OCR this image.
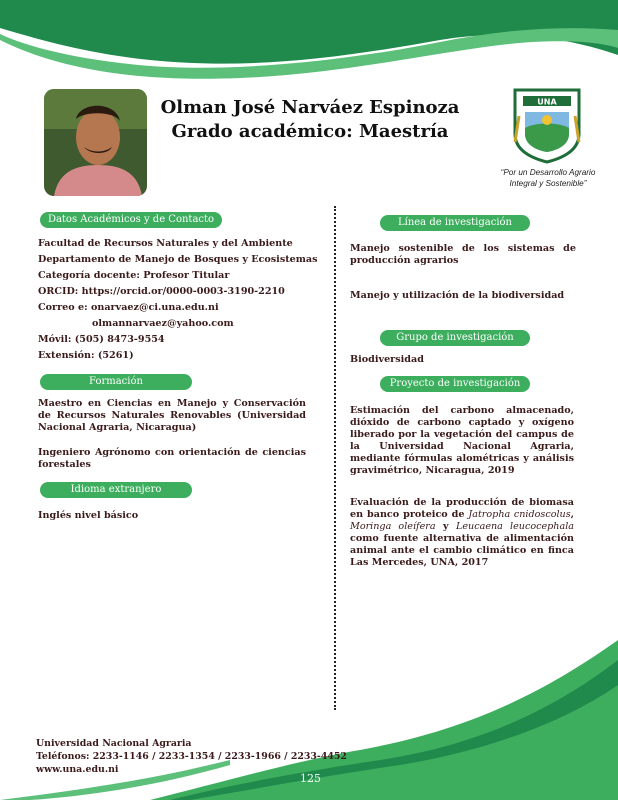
Olman José Narváez Espinoza
Grado académico: Maestría
UNA
“Por un Desarrollo Agrario Integral y Sostenible”
Datos Académicos y de Contacto
Facultad de Recursos Naturales y del Ambiente
Departamento de Manejo de Bosques y Ecosistemas
Categoría docente: Profesor Titular
ORCID: https://orcid.or/0000-0003-3190-2210
Correo e: onarvaez@ci.una.edu.ni
olmannarvaez@yahoo.com
Móvil: (505) 8473-9554
Extensión: (5261)
Formación
Maestro en Ciencias en Manejo y Conservación de Recursos Naturales Renovables (Universidad Nacional Agraria, Nicaragua)
Ingeniero Agrónomo con orientación de ciencias forestales
Idioma extranjero
Inglés nivel básico
Línea de investigación
Manejo sostenible de los sistemas de producción agrarios
Manejo y utilización de la biodiversidad
Grupo de investigación
Biodiversidad
Proyecto de investigación
Estimación del carbono almacenado, dióxido de carbono captado y oxígeno liberado por la vegetación del campus de la Universidad Nacional Agraria, mediante fórmulas alométricas y análisis gravimétrico, Nicaragua, 2019
Evaluación de la producción de biomasa en banco proteico de Jatropha cnidoscolus, Moringa oleífera y Leucaena leucocephala como fuente alternativa de alimentación animal ante el cambio climático en finca Las Mercedes, UNA, 2017
Universidad Nacional Agraria
Teléfonos: 2233-1146 / 2233-1354 / 2233-1966 / 2233-4452
www.una.edu.ni
125
